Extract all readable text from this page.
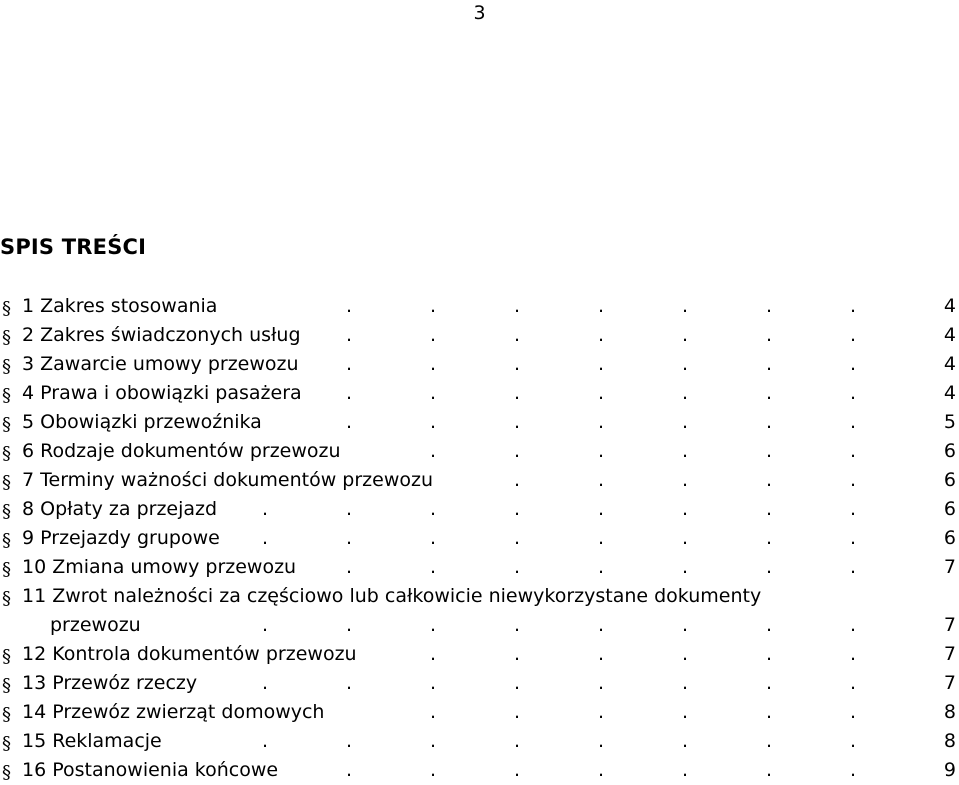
3
SPIS TREŚCI
§ 1 Zakres stosowania	.	.	.	.	.	.	.	4
§ 2 Zakres świadczonych usług .	.	.	.	.	.	.	4
§ 3 Zawarcie umowy przewozu .	.	.	.	.	.	.	4
§ 4 Prawa i obowiązki pasażera .	.	.	.	.	.	.	4
§ 5 Obowiązki przewoźnika	.	.	.	.	.	.	.	5
§ 6 Rodzaje dokumentów przewozu	.	.	.	.	.	.	6
§ 7 Terminy ważności dokumentów przewozu	.	.	.	.	.	6
§ 8 Opłaty za przejazd .	.	.	.	.	.	.	.	6
§ 9 Przejazdy grupowe .	.	.	.	.	.	.	.	6
§ 10 Zmiana umowy przewozu	.	.	.	.	.	.	.	7
§ 11 Zwrot należności za częściowo lub całkowicie niewykorzystane dokumenty
przewozu	.	.	.	.	.	.	.	.	7
§ 12 Kontrola dokumentów przewozu	.	.	.	.	.	.	7
§ 13 Przewóz rzeczy	.	.	.	.	.	.	.	.	7
§ 14 Przewóz zwierząt domowych	.	.	.	.	.	.	8
§ 15 Reklamacje	.	.	.	.	.	.	.	.	8
§ 16 Postanowienia końcowe	.	.	.	.	.	.	.	9
